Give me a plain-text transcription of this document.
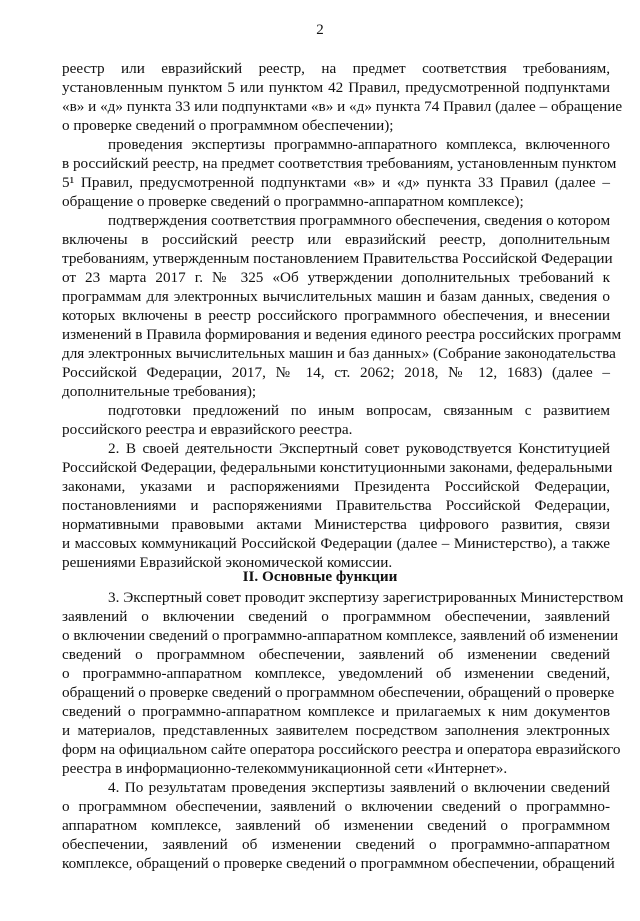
2
реестр или евразийский реестр, на предмет соответствия требованиям,
установленным пунктом 5 или пунктом 42 Правил, предусмотренной подпунктами
«в» и «д» пункта 33 или подпунктами «в» и «д» пункта 74 Правил (далее – обращение
о проверке сведений о программном обеспечении);
проведения экспертизы программно-аппаратного комплекса, включенного
в российский реестр, на предмет соответствия требованиям, установленным пунктом
5¹ Правил, предусмотренной подпунктами «в» и «д» пункта 33 Правил (далее –
обращение о проверке сведений о программно-аппаратном комплексе);
подтверждения соответствия программного обеспечения, сведения о котором
включены в российский реестр или евразийский реестр, дополнительным
требованиям, утвержденным постановлением Правительства Российской Федерации
от 23 марта 2017 г. № 325 «Об утверждении дополнительных требований к
программам для электронных вычислительных машин и базам данных, сведения о
которых включены в реестр российского программного обеспечения, и внесении
изменений в Правила формирования и ведения единого реестра российских программ
для электронных вычислительных машин и баз данных» (Собрание законодательства
Российской Федерации, 2017, № 14, ст. 2062; 2018, № 12, 1683) (далее –
дополнительные требования);
подготовки предложений по иным вопросам, связанным с развитием
российского реестра и евразийского реестра.
2. В своей деятельности Экспертный совет руководствуется Конституцией
Российской Федерации, федеральными конституционными законами, федеральными
законами, указами и распоряжениями Президента Российской Федерации,
постановлениями и распоряжениями Правительства Российской Федерации,
нормативными правовыми актами Министерства цифрового развития, связи
и массовых коммуникаций Российской Федерации (далее – Министерство), а также
решениями Евразийской экономической комиссии.
3. Экспертный совет проводит экспертизу зарегистрированных Министерством
заявлений о включении сведений о программном обеспечении, заявлений
о включении сведений о программно-аппаратном комплексе, заявлений об изменении
сведений о программном обеспечении, заявлений об изменении сведений
о программно-аппаратном комплексе, уведомлений об изменении сведений,
обращений о проверке сведений о программном обеспечении, обращений о проверке
сведений о программно-аппаратном комплексе и прилагаемых к ним документов
и материалов, представленных заявителем посредством заполнения электронных
форм на официальном сайте оператора российского реестра и оператора евразийского
реестра в информационно-телекоммуникационной сети «Интернет».
4. По результатам проведения экспертизы заявлений о включении сведений
о программном обеспечении, заявлений о включении сведений о программно-
аппаратном комплексе, заявлений об изменении сведений о программном
обеспечении, заявлений об изменении сведений о программно-аппаратном
комплексе, обращений о проверке сведений о программном обеспечении, обращений
II. Основные функции
